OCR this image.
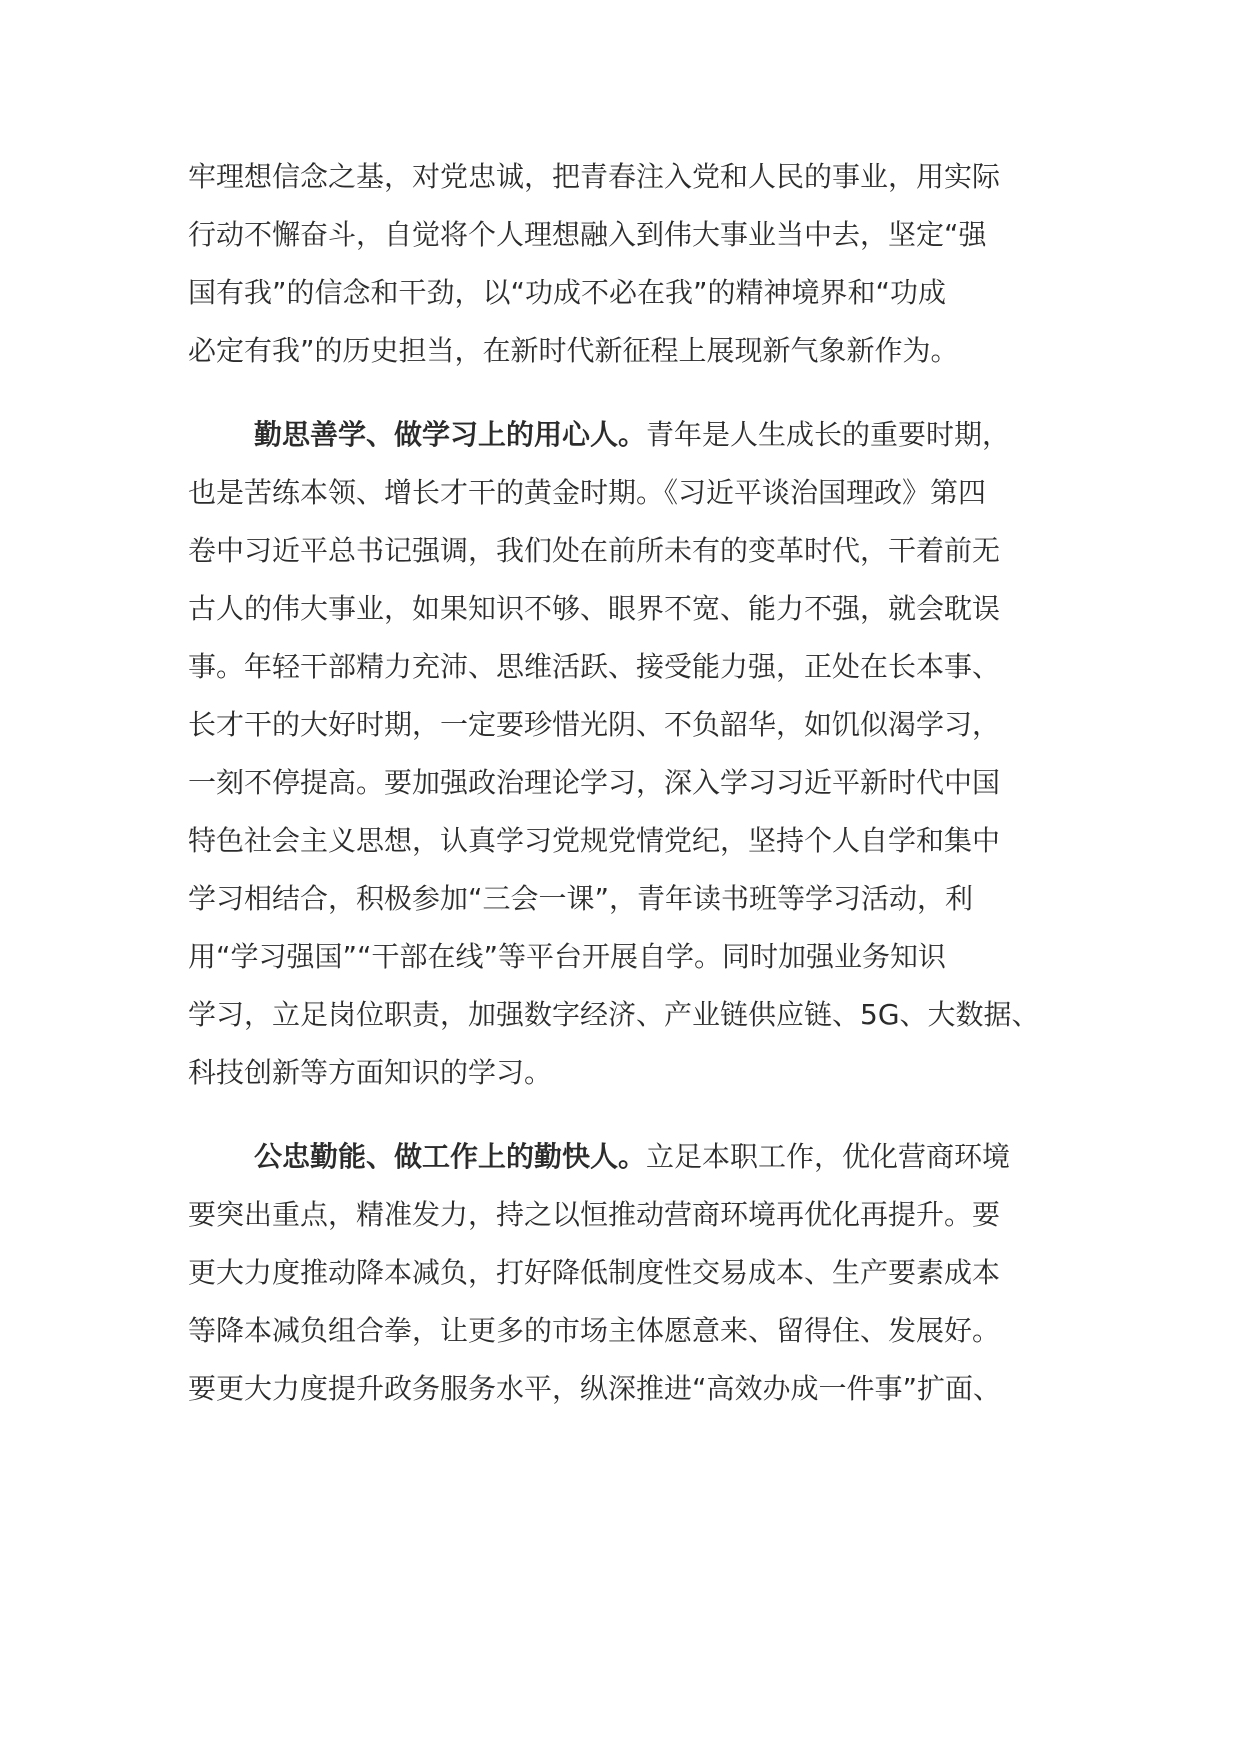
牢理想信念之基，对党忠诚，把青春注入党和人民的事业，用实际
行动不懈奋斗，自觉将个人理想融入到伟大事业当中去，坚定“强
国有我”的信念和干劲，以“功成不必在我”的精神境界和“功成
必定有我”的历史担当，在新时代新征程上展现新气象新作为。
勤思善学、做学习上的用心人。青年是人生成长的重要时期，
也是苦练本领、增长才干的黄金时期。《习近平谈治国理政》第四
卷中习近平总书记强调，我们处在前所未有的变革时代，干着前无
古人的伟大事业，如果知识不够、眼界不宽、能力不强，就会耽误
事。年轻干部精力充沛、思维活跃、接受能力强，正处在长本事、
长才干的大好时期，一定要珍惜光阴、不负韶华，如饥似渴学习，
一刻不停提高。要加强政治理论学习，深入学习习近平新时代中国
特色社会主义思想，认真学习党规党情党纪，坚持个人自学和集中
学习相结合，积极参加“三会一课”，青年读书班等学习活动，利
用“学习强国”“干部在线”等平台开展自学。同时加强业务知识
学习，立足岗位职责，加强数字经济、产业链供应链、5G、大数据、
科技创新等方面知识的学习。
公忠勤能、做工作上的勤快人。立足本职工作，优化营商环境
要突出重点，精准发力，持之以恒推动营商环境再优化再提升。要
更大力度推动降本减负，打好降低制度性交易成本、生产要素成本
等降本减负组合拳，让更多的市场主体愿意来、留得住、发展好。
要更大力度提升政务服务水平，纵深推进“高效办成一件事”扩面、
